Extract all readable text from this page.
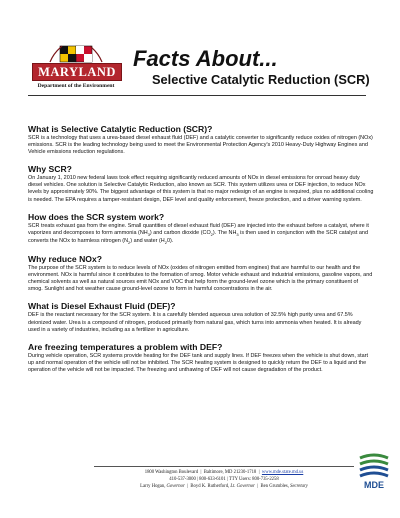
MARYLAND
Department of the Environment
Facts About...
Selective Catalytic Reduction (SCR)
What is Selective Catalytic Reduction (SCR)?

SCR is a technology that uses a urea-based diesel exhaust fluid (DEF) and a catalytic converter to significantly reduce oxides of nitrogen (NOx) emissions. SCR is the leading technology being used to meet the Environmental Protection Agency's 2010 Heavy-Duty Highway Engines and Vehicle emissions reduction regulations.

Why SCR?

On January 1, 2010 new federal laws took effect requiring significantly reduced amounts of NOx in diesel emissions for onroad heavy duty diesel vehicles. One solution is Selective Catalytic Reduction, also known as SCR. This system utilizes urea or DEF injection, to reduce NOx levels by approximately 90%. The biggest advantage of this system is that no major redesign of an engine is required, plus no additional cooling is needed. The EPA requires a tamper-resistant design, DEF level and quality enforcement, freeze protection, and a driver warning system.

How does the SCR system work?

SCR treats exhaust gas from the engine. Small quantities of diesel exhaust fluid (DEF) are injected into the exhaust before a catalyst, where it vaporizes and decomposes to form ammonia $(NH_3)$ and carbon dioxide $(CO_2)$. The $NH_3$ is then used in conjunction with the SCR catalyst and converts the NOx to harmless nitrogen $(N_2)$ and water $(H_20)$.

Why reduce NOx?

The purpose of the SCR system is to reduce levels of NOx (oxides of nitrogen emitted from engines) that are harmful to our health and the environment. NOx is harmful since it contributes to the formation of smog. Motor vehicle exhaust and industrial emissions, gasoline vapors, and chemical solvents as well as natural sources emit NOx and VOC that help form the ground-level ozone which is the primary constituent of smog. Sunlight and hot weather cause ground-level ozone to form in harmful concentrations in the air.

What is Diesel Exhaust Fluid (DEF)?

DEF is the reactant necessary for the SCR system. It is a carefully blended aqueous urea solution of 32.5% high purity urea and 67.5% deionized water. Urea is a compound of nitrogen, produced primarily from natural gas, which turns into ammonia when heated. It is already used in a variety of industries, including as a fertilizer in agriculture.

Are freezing temperatures a problem with DEF?

During vehicle operation, SCR systems provide heating for the DEF tank and supply lines. If DEF freezes when the vehicle is shut down, start up and normal operation of the vehicle will not be inhibited. The SCR heating system is designed to quickly return the DEF to a liquid and the operation of the vehicle will not be impacted. The freezing and unthawing of DEF will not cause degradation of the product.

1800 Washington Boulevard  |  Baltimore, MD 21230-1718  |  www.mde.state.md.us
410-537-3000 | 800-633-6101 | TTY Users: 800-735-2258
Larry Hogan, Governor  |  Boyd K. Rutherford, Lt. Governor  |  Ben Grumbles, Secretary	MDE
